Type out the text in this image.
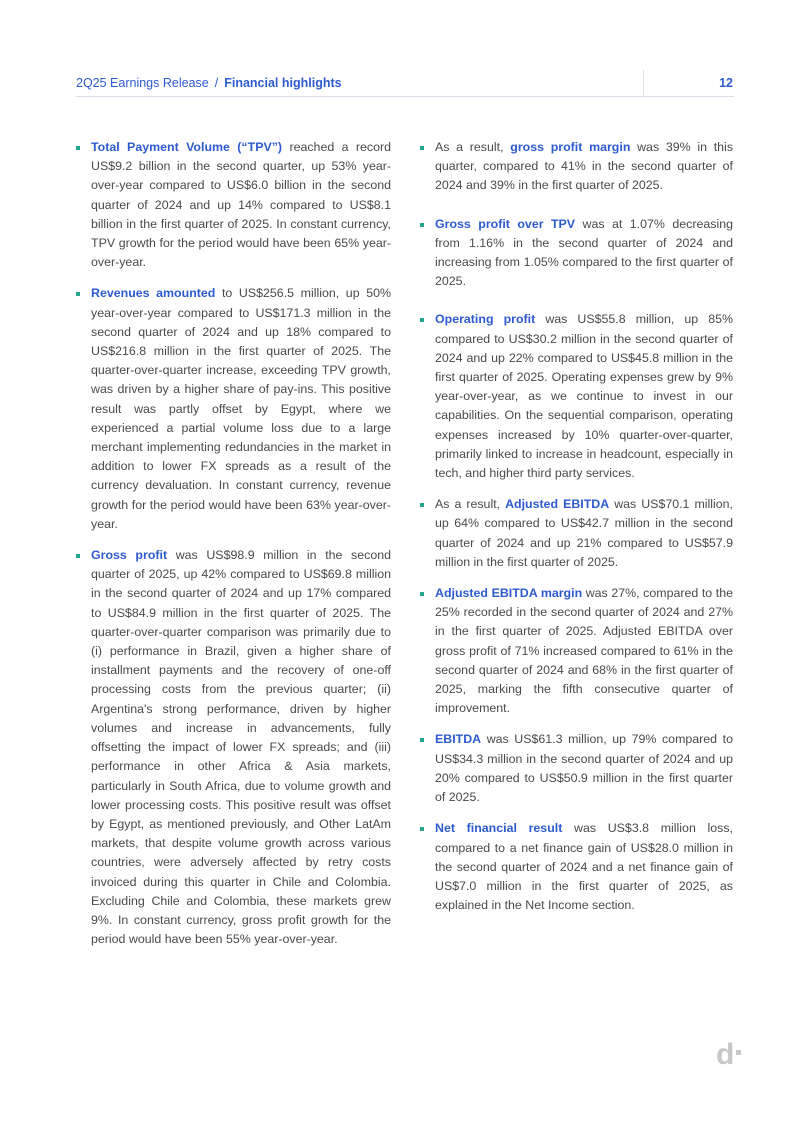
2Q25 Earnings Release / Financial highlights	12

Total Payment Volume (“TPV”) reached a record US$9.2 billion in the second quarter, up 53% year-over-year compared to US$6.0 billion in the second quarter of 2024 and up 14% compared to US$8.1 billion in the first quarter of 2025. In constant currency, TPV growth for the period would have been 65% year-over-year.

Revenues amounted to US$256.5 million, up 50% year-over-year compared to US$171.3 million in the second quarter of 2024 and up 18% compared to US$216.8 million in the first quarter of 2025. The quarter-over-quarter increase, exceeding TPV growth, was driven by a higher share of pay-ins. This positive result was partly offset by Egypt, where we experienced a partial volume loss due to a large merchant implementing redundancies in the market in addition to lower FX spreads as a result of the currency devaluation. In constant currency, revenue growth for the period would have been 63% year-over-year.

Gross profit was US$98.9 million in the second quarter of 2025, up 42% compared to US$69.8 million in the second quarter of 2024 and up 17% compared to US$84.9 million in the first quarter of 2025. The quarter-over-quarter comparison was primarily due to (i) performance in Brazil, given a higher share of installment payments and the recovery of one-off processing costs from the previous quarter; (ii) Argentina's strong performance, driven by higher volumes and increase in advancements, fully offsetting the impact of lower FX spreads; and (iii) performance in other Africa & Asia markets, particularly in South Africa, due to volume growth and lower processing costs. This positive result was offset by Egypt, as mentioned previously, and Other LatAm markets, that despite volume growth across various countries, were adversely affected by retry costs invoiced during this quarter in Chile and Colombia. Excluding Chile and Colombia, these markets grew 9%. In constant currency, gross profit growth for the period would have been 55% year-over-year.

As a result, gross profit margin was 39% in this quarter, compared to 41% in the second quarter of 2024 and 39% in the first quarter of 2025.

Gross profit over TPV was at 1.07% decreasing from 1.16% in the second quarter of 2024 and increasing from 1.05% compared to the first quarter of 2025.

Operating profit was US$55.8 million, up 85% compared to US$30.2 million in the second quarter of 2024 and up 22% compared to US$45.8 million in the first quarter of 2025. Operating expenses grew by 9% year-over-year, as we continue to invest in our capabilities. On the sequential comparison, operating expenses increased by 10% quarter-over-quarter, primarily linked to increase in headcount, especially in tech, and higher third party services.

As a result, Adjusted EBITDA was US$70.1 million, up 64% compared to US$42.7 million in the second quarter of 2024 and up 21% compared to US$57.9 million in the first quarter of 2025.

Adjusted EBITDA margin was 27%, compared to the 25% recorded in the second quarter of 2024 and 27% in the first quarter of 2025. Adjusted EBITDA over gross profit of 71% increased compared to 61% in the second quarter of 2024 and 68% in the first quarter of 2025, marking the fifth consecutive quarter of improvement.

EBITDA was US$61.3 million, up 79% compared to US$34.3 million in the second quarter of 2024 and up 20% compared to US$50.9 million in the first quarter of 2025.

Net financial result was US$3.8 million loss, compared to a net finance gain of US$28.0 million in the second quarter of 2024 and a net finance gain of US$7.0 million in the first quarter of 2025, as explained in the Net Income section.

d
